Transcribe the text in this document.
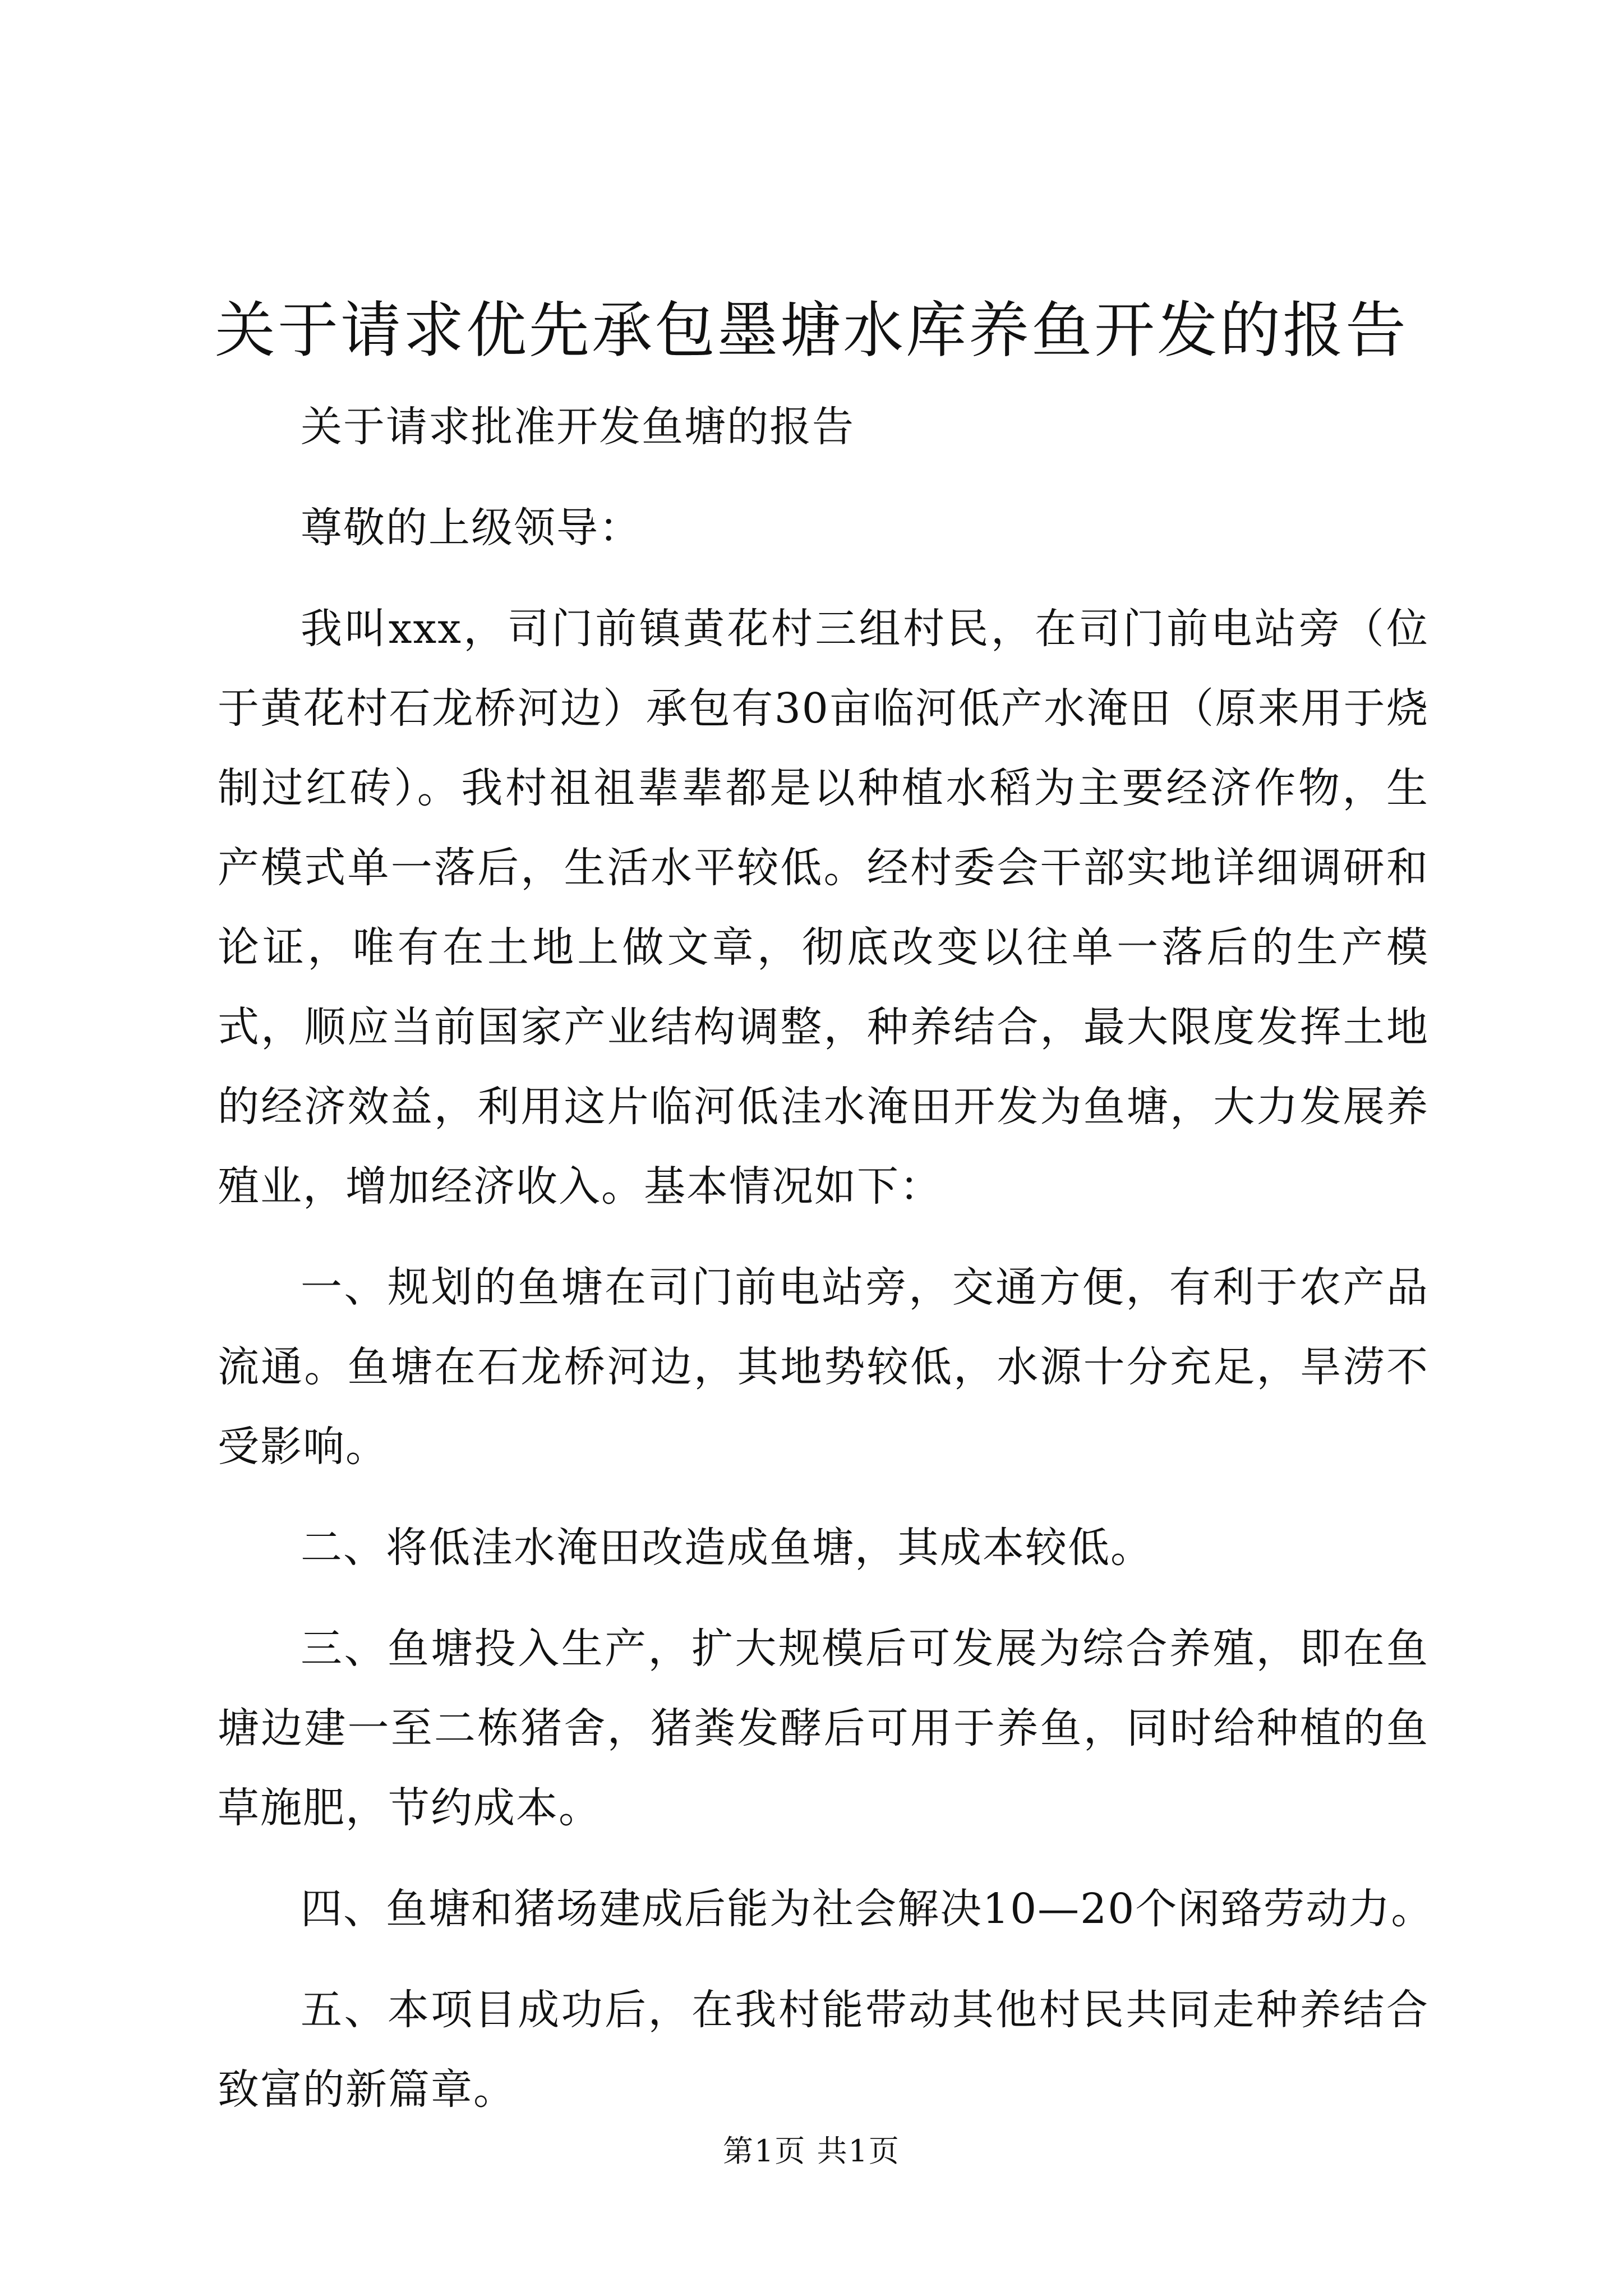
关于请求优先承包墨塘水库养鱼开发的报告

关于请求批准开发鱼塘的报告

尊敬的上级领导：

我叫xxx，司门前镇黄花村三组村民，在司门前电站旁（位于黄花村石龙桥河边）承包有30亩临河低产水淹田（原来用于烧制过红砖）。我村祖祖辈辈都是以种植水稻为主要经济作物，生产模式单一落后，生活水平较低。经村委会干部实地详细调研和论证，唯有在土地上做文章，彻底改变以往单一落后的生产模式，顺应当前国家产业结构调整，种养结合，最大限度发挥土地的经济效益，利用这片临河低洼水淹田开发为鱼塘，大力发展养殖业，增加经济收入。基本情况如下：

一、规划的鱼塘在司门前电站旁，交通方便，有利于农产品流通。鱼塘在石龙桥河边，其地势较低，水源十分充足，旱涝不受影响。

二、将低洼水淹田改造成鱼塘，其成本较低。

三、鱼塘投入生产，扩大规模后可发展为综合养殖，即在鱼塘边建一至二栋猪舍，猪粪发酵后可用于养鱼，同时给种植的鱼草施肥，节约成本。

四、鱼塘和猪场建成后能为社会解决10—20个闲臵劳动力。

五、本项目成功后，在我村能带动其他村民共同走种养结合致富的新篇章。

第1页 共1页
